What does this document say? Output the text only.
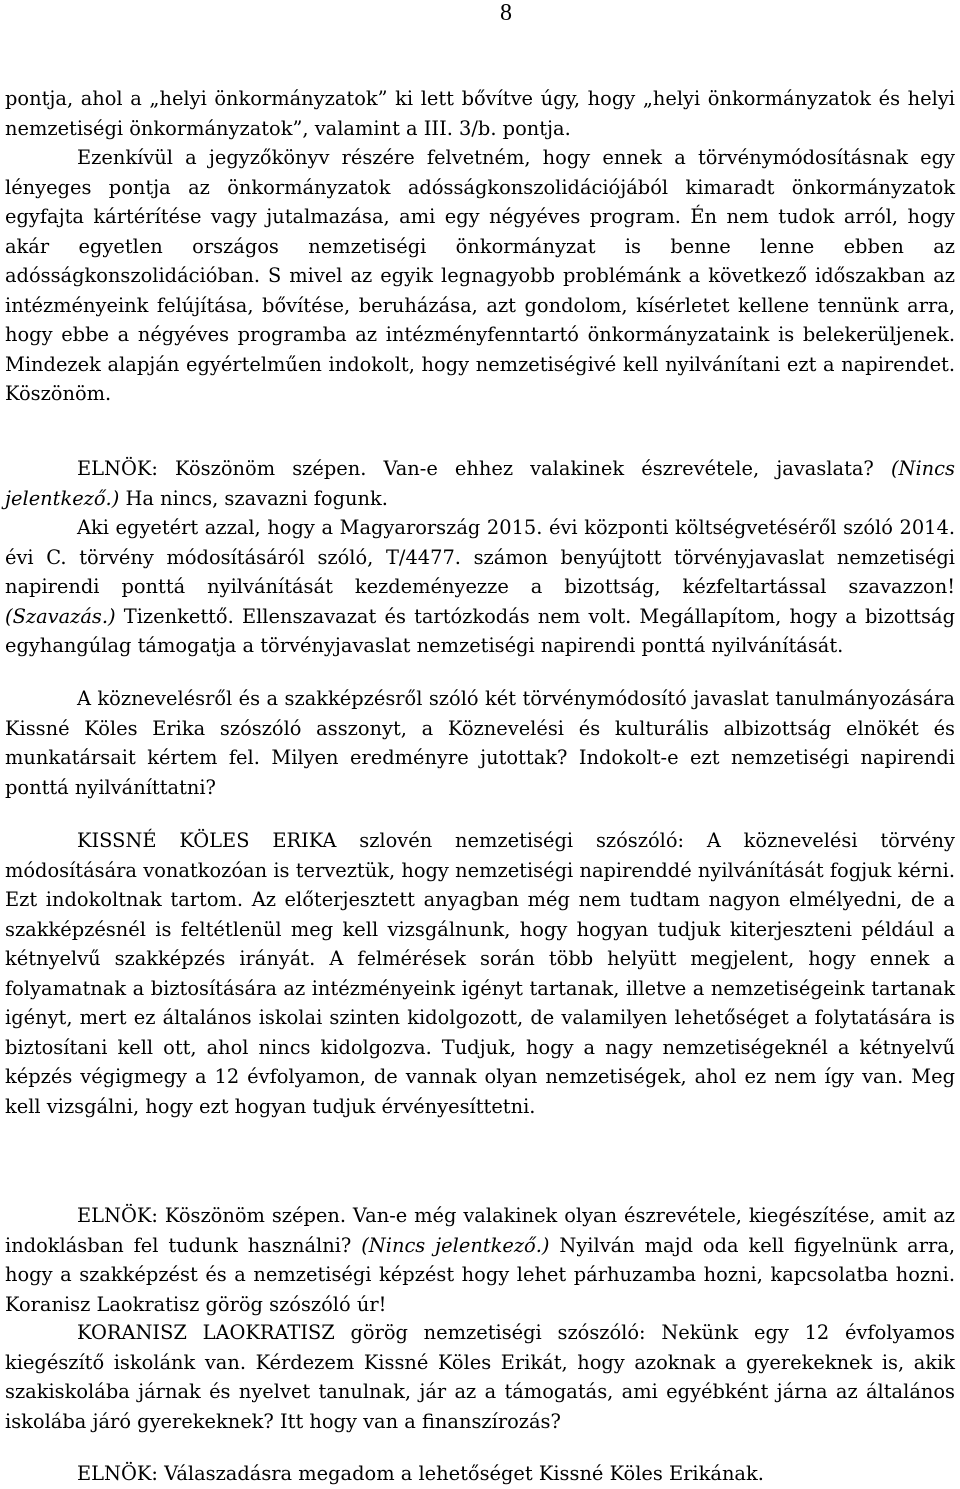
8

pontja, ahol a „helyi önkormányzatok” ki lett bővítve úgy, hogy „helyi önkormányzatok és helyi nemzetiségi önkormányzatok”, valamint a III. 3/b. pontja.

Ezenkívül a jegyzőkönyv részére felvetném, hogy ennek a törvénymódosításnak egy lényeges pontja az önkormányzatok adósságkonszolidációjából kimaradt önkormányzatok egyfajta kártérítése vagy jutalmazása, ami egy négyéves program. Én nem tudok arról, hogy akár egyetlen országos nemzetiségi önkormányzat is benne lenne ebben az adósságkonszolidációban. S mivel az egyik legnagyobb problémánk a következő időszakban az intézményeink felújítása, bővítése, beruházása, azt gondolom, kísérletet kellene tennünk arra, hogy ebbe a négyéves programba az intézményfenntartó önkormányzataink is belekerüljenek. Mindezek alapján egyértelműen indokolt, hogy nemzetiségivé kell nyilvánítani ezt a napirendet. Köszönöm.

ELNÖK: Köszönöm szépen. Van-e ehhez valakinek észrevétele, javaslata? (Nincs jelentkező.) Ha nincs, szavazni fogunk.

Aki egyetért azzal, hogy a Magyarország 2015. évi központi költségvetéséről szóló 2014. évi C. törvény módosításáról szóló, T/4477. számon benyújtott törvényjavaslat nemzetiségi napirendi ponttá nyilvánítását kezdeményezze a bizottság, kézfeltartással szavazzon! (Szavazás.) Tizenkettő. Ellenszavazat és tartózkodás nem volt. Megállapítom, hogy a bizottság egyhangúlag támogatja a törvényjavaslat nemzetiségi napirendi ponttá nyilvánítását.

A köznevelésről és a szakképzésről szóló két törvénymódosító javaslat tanulmányozására Kissné Köles Erika szószóló asszonyt, a Köznevelési és kulturális albizottság elnökét és munkatársait kértem fel. Milyen eredményre jutottak? Indokolt-e ezt nemzetiségi napirendi ponttá nyilváníttatni?

KISSNÉ KÖLES ERIKA szlovén nemzetiségi szószóló: A köznevelési törvény módosítására vonatkozóan is terveztük, hogy nemzetiségi napirenddé nyilvánítását fogjuk kérni. Ezt indokoltnak tartom. Az előterjesztett anyagban még nem tudtam nagyon elmélyedni, de a szakképzésnél is feltétlenül meg kell vizsgálnunk, hogy hogyan tudjuk kiterjeszteni például a kétnyelvű szakképzés irányát. A felmérések során több helyütt megjelent, hogy ennek a folyamatnak a biztosítására az intézményeink igényt tartanak, illetve a nemzetiségeink tartanak igényt, mert ez általános iskolai szinten kidolgozott, de valamilyen lehetőséget a folytatására is biztosítani kell ott, ahol nincs kidolgozva. Tudjuk, hogy a nagy nemzetiségeknél a kétnyelvű képzés végigmegy a 12 évfolyamon, de vannak olyan nemzetiségek, ahol ez nem így van. Meg kell vizsgálni, hogy ezt hogyan tudjuk érvényesíttetni.

ELNÖK: Köszönöm szépen. Van-e még valakinek olyan észrevétele, kiegészítése, amit az indoklásban fel tudunk használni? (Nincs jelentkező.) Nyilván majd oda kell figyelnünk arra, hogy a szakképzést és a nemzetiségi képzést hogy lehet párhuzamba hozni, kapcsolatba hozni. Koranisz Laokratisz görög szószóló úr!

KORANISZ LAOKRATISZ görög nemzetiségi szószóló: Nekünk egy 12 évfolyamos kiegészítő iskolánk van. Kérdezem Kissné Köles Erikát, hogy azoknak a gyerekeknek is, akik szakiskolába járnak és nyelvet tanulnak, jár az a támogatás, ami egyébként járna az általános iskolába járó gyerekeknek? Itt hogy van a finanszírozás?

ELNÖK: Válaszadásra megadom a lehetőséget Kissné Köles Erikának.
